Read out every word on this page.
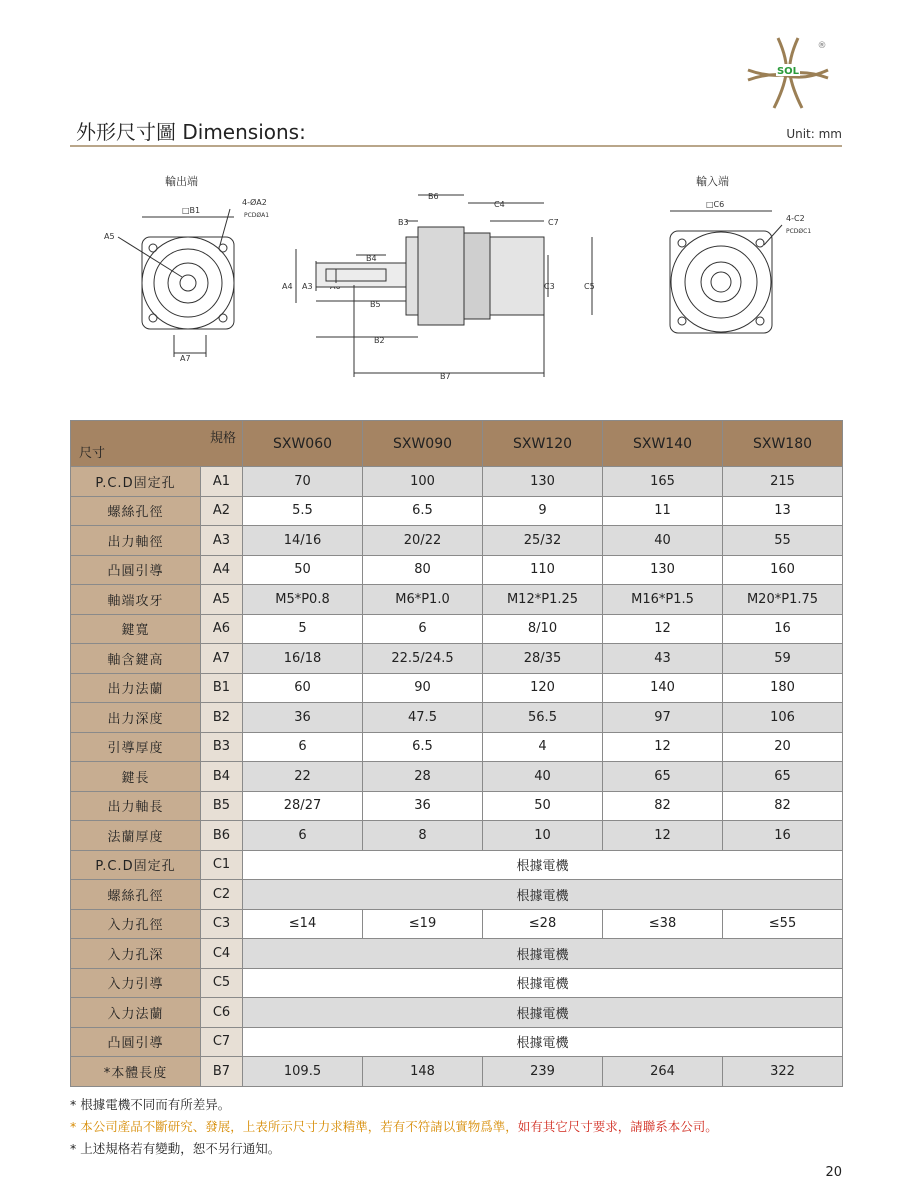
SOL
®
外形尺寸圖 Dimensions:	Unit: mm
輸出端
□B1
4-ØA2
PCDØA1
A5
A7
B6
C4
B3	C7
B4
B5
B2
B7
A4 A3	C3	C5
輸入端
□C6
4-C2
PCDØC1
規格
尺寸		SXW060	SXW090	SXW120	SXW140	SXW180
P.C.D固定孔	A1	70	100	130	165	215
螺絲孔徑	A2	5.5	6.5	9	11	13
出力軸徑	A3	14/16	20/22	25/32	40	55
凸圓引導	A4	50	80	110	130	160
軸端攻牙	A5	M5*P0.8	M6*P1.0	M12*P1.25	M16*P1.5	M20*P1.75
鍵寬	A6	5	6	8/10	12	16
軸含鍵高	A7	16/18	22.5/24.5	28/35	43	59
出力法蘭	B1	60	90	120	140	180
出力深度	B2	36	47.5	56.5	97	106
引導厚度	B3	6	6.5	4	12	20
鍵長	B4	22	28	40	65	65
出力軸長	B5	28/27	36	50	82	82
法蘭厚度	B6	6	8	10	12	16
P.C.D固定孔	C1	根據電機				
螺絲孔徑	C2	根據電機				
入力孔徑	C3	≤14	≤19	≤28	≤38	≤55
入力孔深	C4	根據電機				
入力引導	C5	根據電機				
入力法蘭	C6	根據電機				
凸圓引導	C7	根據電機				
*本體長度	B7	109.5	148	239	264	322
* 根據電機不同而有所差异。
* 本公司產品不斷研究、發展，上表所示尺寸力求精準，若有不符請以實物爲準，如有其它尺寸要求，請聯系本公司。
* 上述規格若有變動，恕不另行通知。
20
